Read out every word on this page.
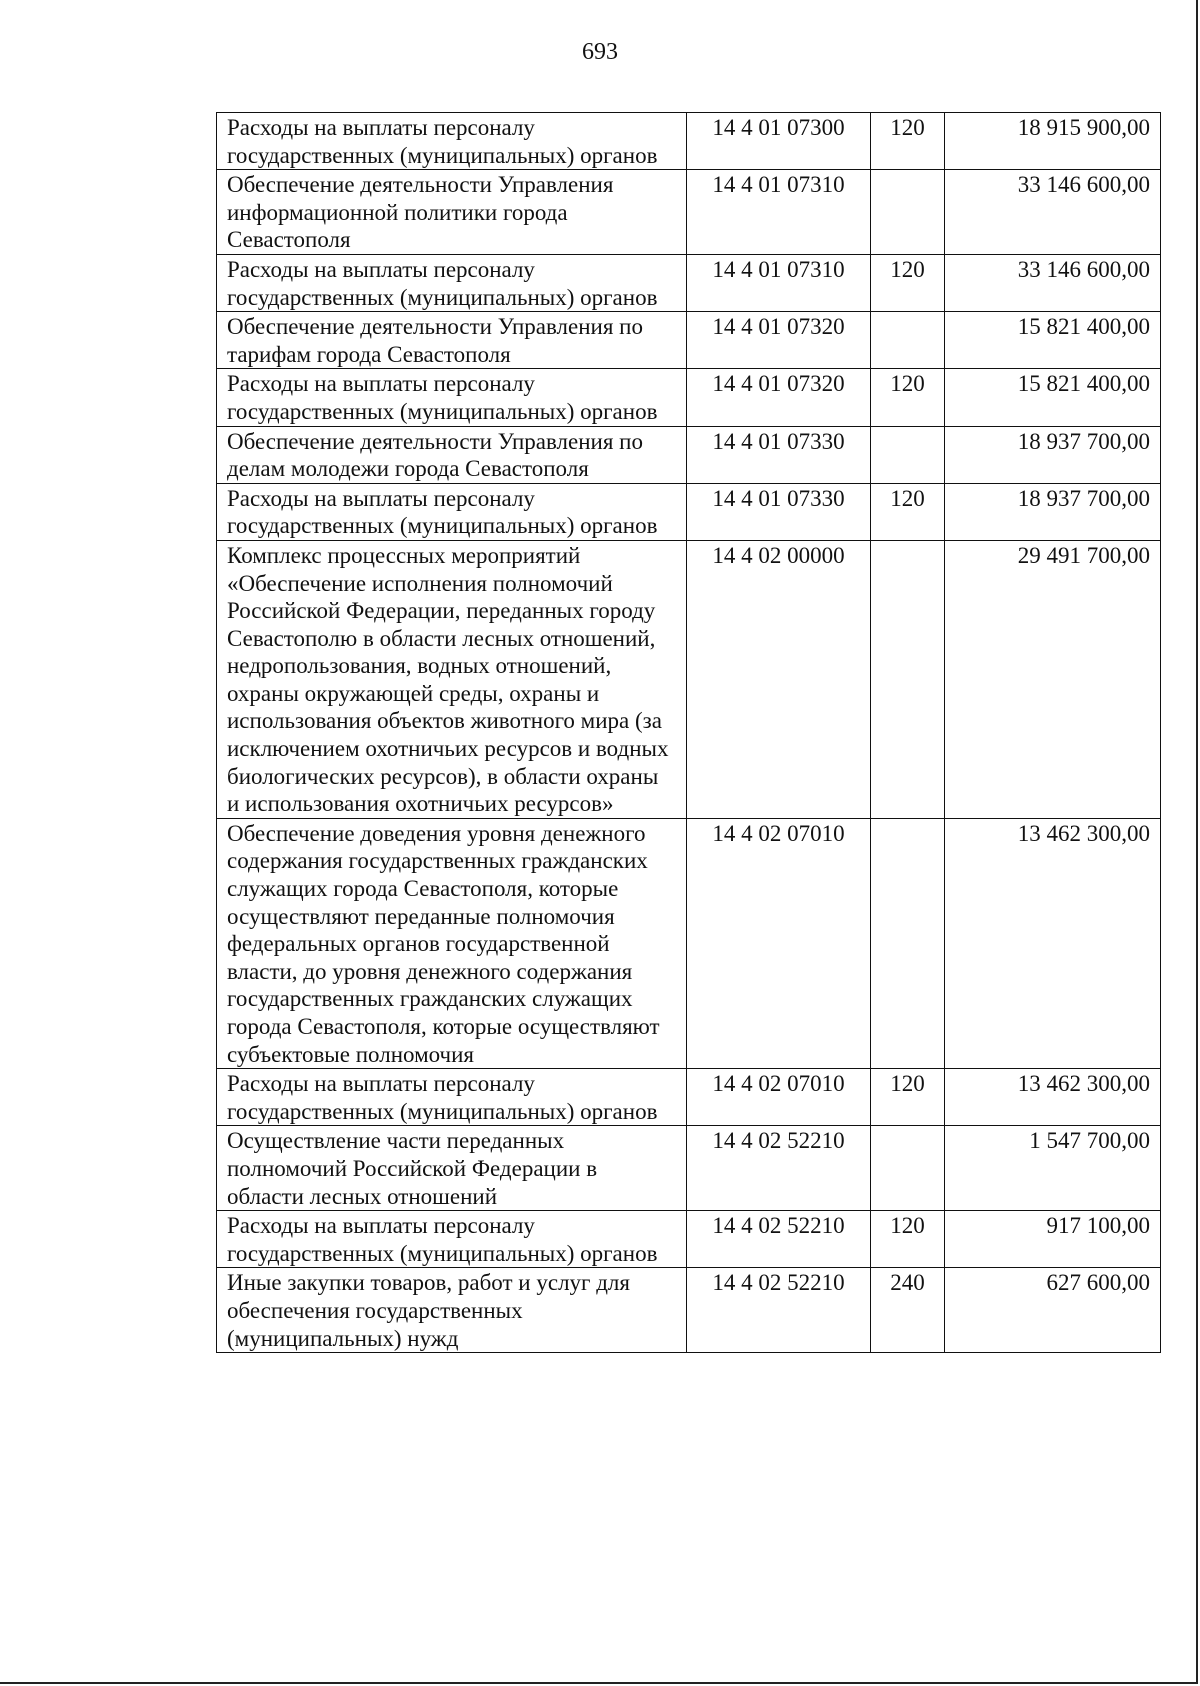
693
Расходы на выплаты персоналу государственных (муниципальных) органов	14 4 01 07300	120	18 915 900,00
Обеспечение деятельности Управления информационной политики города Севастополя	14 4 01 07310		33 146 600,00
Расходы на выплаты персоналу государственных (муниципальных) органов	14 4 01 07310	120	33 146 600,00
Обеспечение деятельности Управления по тарифам города Севастополя	14 4 01 07320		15 821 400,00
Расходы на выплаты персоналу государственных (муниципальных) органов	14 4 01 07320	120	15 821 400,00
Обеспечение деятельности Управления по делам молодежи города Севастополя	14 4 01 07330		18 937 700,00
Расходы на выплаты персоналу государственных (муниципальных) органов	14 4 01 07330	120	18 937 700,00
Комплекс процессных мероприятий «Обеспечение исполнения полномочий Российской Федерации, переданных городу Севастополю в области лесных отношений, недропользования, водных отношений, охраны окружающей среды, охраны и использования объектов животного мира (за исключением охотничьих ресурсов и водных биологических ресурсов), в области охраны и использования охотничьих ресурсов»	14 4 02 00000		29 491 700,00
Обеспечение доведения уровня денежного содержания государственных гражданских служащих города Севастополя, которые осуществляют переданные полномочия федеральных органов государственной власти, до уровня денежного содержания государственных гражданских служащих города Севастополя, которые осуществляют субъектовые полномочия	14 4 02 07010		13 462 300,00
Расходы на выплаты персоналу государственных (муниципальных) органов	14 4 02 07010	120	13 462 300,00
Осуществление части переданных полномочий Российской Федерации в области лесных отношений	14 4 02 52210		1 547 700,00
Расходы на выплаты персоналу государственных (муниципальных) органов	14 4 02 52210	120	917 100,00
Иные закупки товаров, работ и услуг для обеспечения государственных (муниципальных) нужд	14 4 02 52210	240	627 600,00
